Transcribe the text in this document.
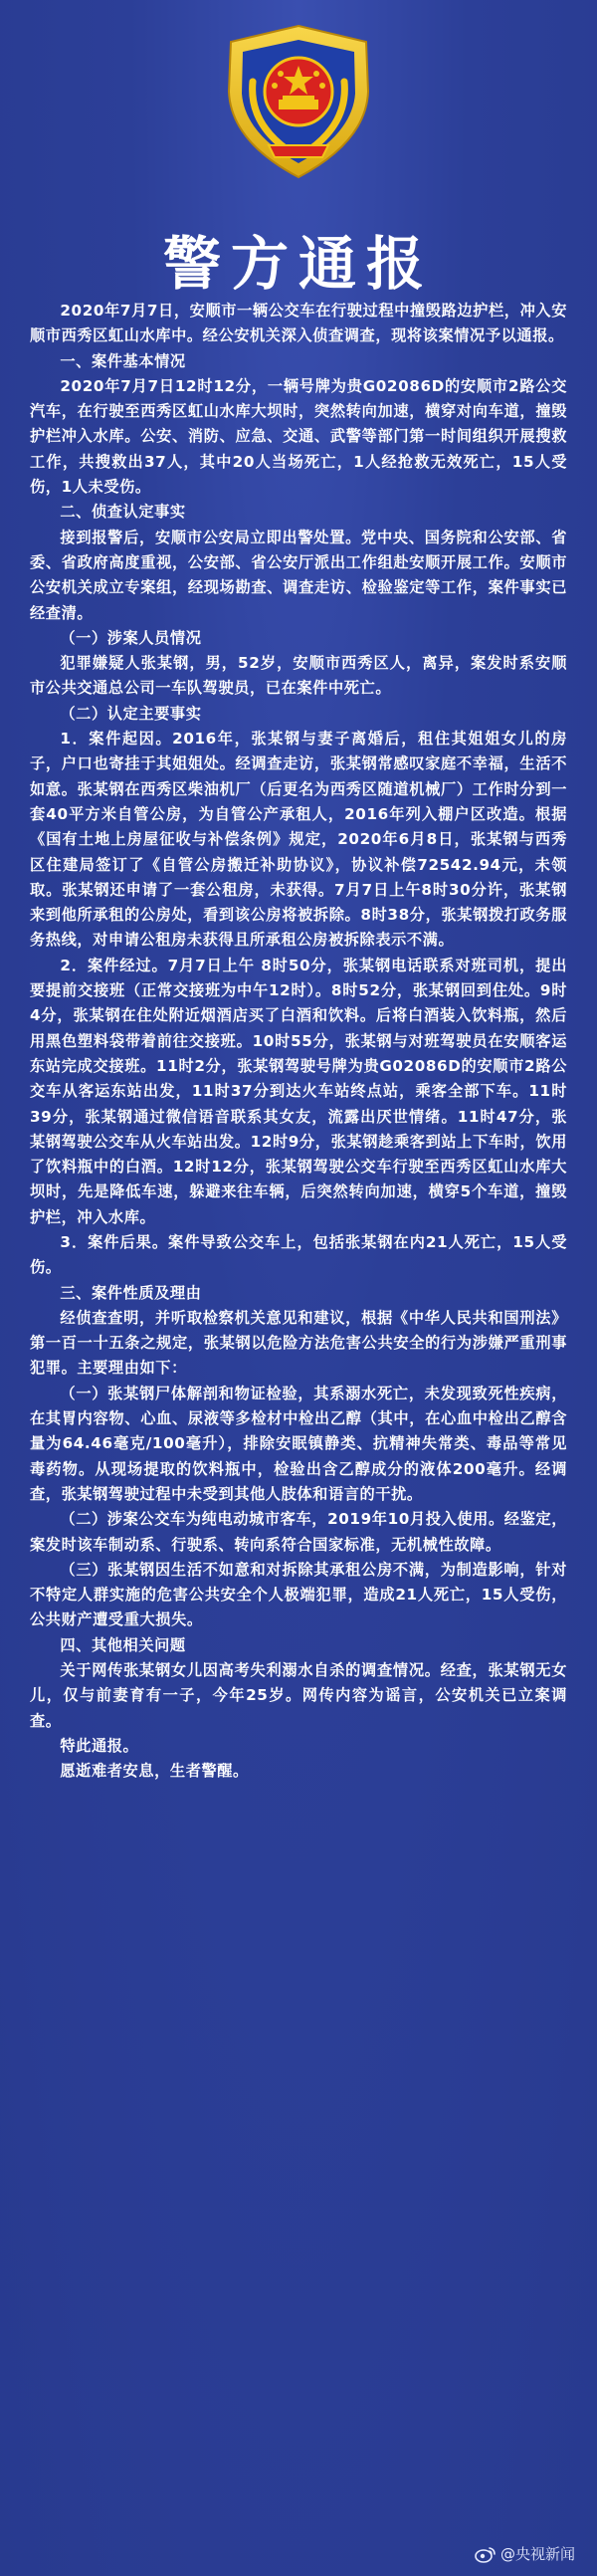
警方通报

2020年7月7日，安顺市一辆公交车在行驶过程中撞毁路边护栏，冲入安顺市西秀区虹山水库中。经公安机关深入侦查调查，现将该案情况予以通报。

一、案件基本情况

2020年7月7日12时12分，一辆号牌为贵G02086D的安顺市2路公交汽车，在行驶至西秀区虹山水库大坝时，突然转向加速，横穿对向车道，撞毁护栏冲入水库。公安、消防、应急、交通、武警等部门第一时间组织开展搜救工作，共搜救出37人，其中20人当场死亡，1人经抢救无效死亡，15人受伤，1人未受伤。

二、侦查认定事实

接到报警后，安顺市公安局立即出警处置。党中央、国务院和公安部、省委、省政府高度重视，公安部、省公安厅派出工作组赴安顺开展工作。安顺市公安机关成立专案组，经现场勘查、调查走访、检验鉴定等工作，案件事实已经查清。

（一）涉案人员情况

犯罪嫌疑人张某钢，男，52岁，安顺市西秀区人，离异，案发时系安顺市公共交通总公司一车队驾驶员，已在案件中死亡。

（二）认定主要事实

1．案件起因。2016年，张某钢与妻子离婚后，租住其姐姐女儿的房子，户口也寄挂于其姐姐处。经调查走访，张某钢常感叹家庭不幸福，生活不如意。张某钢在西秀区柴油机厂（后更名为西秀区随道机械厂）工作时分到一套40平方米自管公房，为自管公产承租人，2016年列入棚户区改造。根据《国有土地上房屋征收与补偿条例》规定，2020年6月8日，张某钢与西秀区住建局签订了《自管公房搬迁补助协议》，协议补偿72542.94元，未领取。张某钢还申请了一套公租房，未获得。7月7日上午8时30分许，张某钢来到他所承租的公房处，看到该公房将被拆除。8时38分，张某钢拨打政务服务热线，对申请公租房未获得且所承租公房被拆除表示不满。

2．案件经过。7月7日上午 8时50分，张某钢电话联系对班司机，提出要提前交接班（正常交接班为中午12时）。8时52分，张某钢回到住处。9时4分，张某钢在住处附近烟酒店买了白酒和饮料。后将白酒装入饮料瓶，然后用黑色塑料袋带着前往交接班。10时55分，张某钢与对班驾驶员在安顺客运东站完成交接班。11时2分，张某钢驾驶号牌为贵G02086D的安顺市2路公交车从客运东站出发，11时37分到达火车站终点站，乘客全部下车。11时39分，张某钢通过微信语音联系其女友，流露出厌世情绪。11时47分，张某钢驾驶公交车从火车站出发。12时9分，张某钢趁乘客到站上下车时，饮用了饮料瓶中的白酒。12时12分，张某钢驾驶公交车行驶至西秀区虹山水库大坝时，先是降低车速，躲避来往车辆，后突然转向加速，横穿5个车道，撞毁护栏，冲入水库。

3．案件后果。案件导致公交车上，包括张某钢在内21人死亡，15人受伤。

三、案件性质及理由

经侦查查明，并听取检察机关意见和建议，根据《中华人民共和国刑法》第一百一十五条之规定，张某钢以危险方法危害公共安全的行为涉嫌严重刑事犯罪。主要理由如下：

（一）张某钢尸体解剖和物证检验，其系溺水死亡，未发现致死性疾病，在其胃内容物、心血、尿液等多检材中检出乙醇（其中，在心血中检出乙醇含量为64.46毫克/100毫升），排除安眠镇静类、抗精神失常类、毒品等常见毒药物。从现场提取的饮料瓶中，检验出含乙醇成分的液体200毫升。经调查，张某钢驾驶过程中未受到其他人肢体和语言的干扰。

（二）涉案公交车为纯电动城市客车，2019年10月投入使用。经鉴定，案发时该车制动系、行驶系、转向系符合国家标准，无机械性故障。

（三）张某钢因生活不如意和对拆除其承租公房不满，为制造影响，针对不特定人群实施的危害公共安全个人极端犯罪，造成21人死亡，15人受伤，公共财产遭受重大损失。

四、其他相关问题

关于网传张某钢女儿因高考失利溺水自杀的调查情况。经查，张某钢无女儿，仅与前妻育有一子，今年25岁。网传内容为谣言，公安机关已立案调查。

特此通报。

愿逝难者安息，生者警醒。

@央视新闻
